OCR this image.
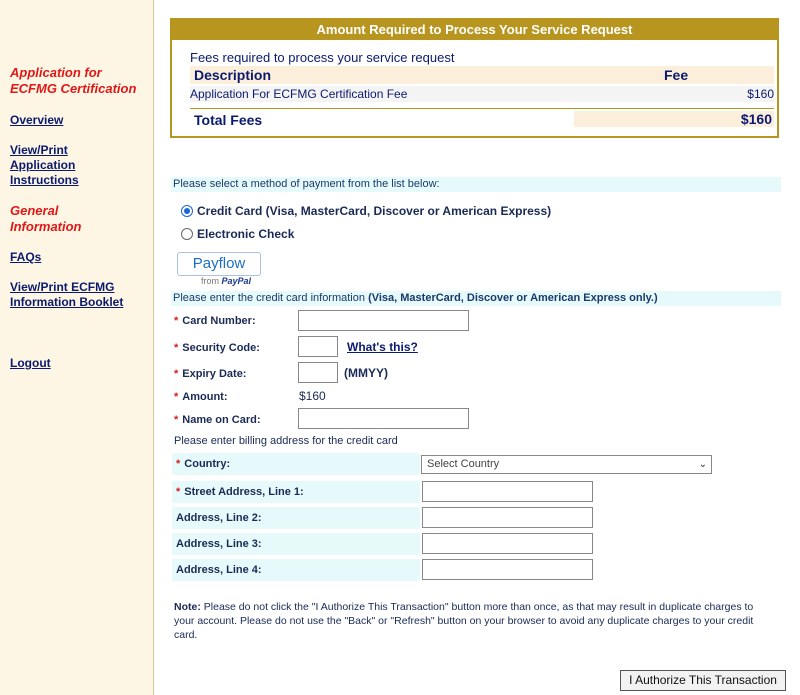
Application for ECFMG Certification
Overview
View/Print Application Instructions
General Information
FAQs
View/Print ECFMG Information Booklet
Logout
Amount Required to Process Your Service Request
Fees required to process your service request
Description	Fee
Application For ECFMG Certification Fee	$160
Total Fees	$160
Please select a method of payment from the list below:
Credit Card (Visa, MasterCard, Discover or American Express)
Electronic Check
Payflow
from PayPal
Please enter the credit card information (Visa, MasterCard, Discover or American Express only.)
* Card Number:
* Security Code:	What's this?
* Expiry Date:	(MMYY)
* Amount:	$160
* Name on Card:
Please enter billing address for the credit card
* Country:	Select Country	⌄
* Street Address, Line 1:
Address, Line 2:
Address, Line 3:
Address, Line 4:
Note: Please do not click the "I Authorize This Transaction" button more than once, as that may result in duplicate charges to your account. Please do not use the "Back" or "Refresh" button on your browser to avoid any duplicate charges to your credit card.
I Authorize This Transaction
